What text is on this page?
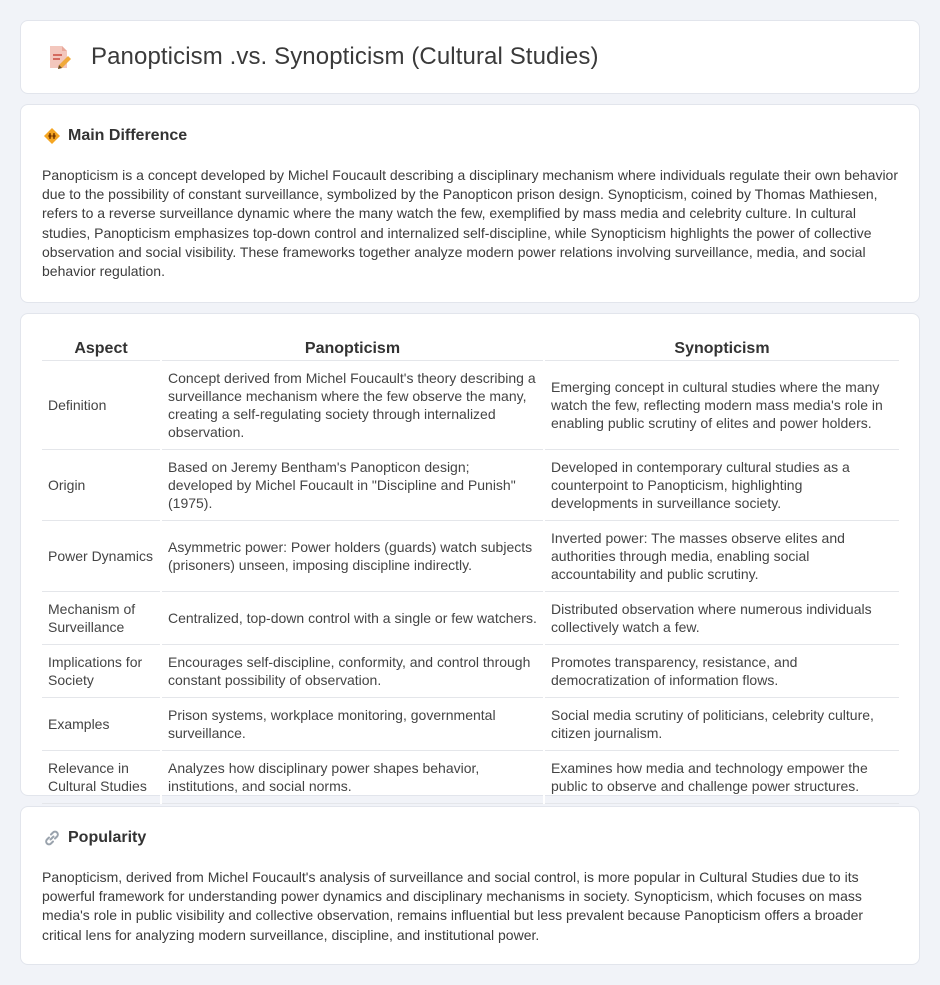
Panopticism .vs. Synopticism (Cultural Studies)
Main Difference

Panopticism is a concept developed by Michel Foucault describing a disciplinary mechanism where individuals regulate their own behavior due to the possibility of constant surveillance, symbolized by the Panopticon prison design. Synopticism, coined by Thomas Mathiesen, refers to a reverse surveillance dynamic where the many watch the few, exemplified by mass media and celebrity culture. In cultural studies, Panopticism emphasizes top-down control and internalized self-discipline, while Synopticism highlights the power of collective observation and social visibility. These frameworks together analyze modern power relations involving surveillance, media, and social behavior regulation.

Aspect	Panopticism	Synopticism
Definition	Concept derived from Michel Foucault's theory describing a surveillance mechanism where the few observe the many, creating a self-regulating society through internalized observation.	Emerging concept in cultural studies where the many watch the few, reflecting modern mass media's role in enabling public scrutiny of elites and power holders.
Origin	Based on Jeremy Bentham's Panopticon design; developed by Michel Foucault in "Discipline and Punish" (1975).	Developed in contemporary cultural studies as a counterpoint to Panopticism, highlighting developments in surveillance society.
Power Dynamics	Asymmetric power: Power holders (guards) watch subjects (prisoners) unseen, imposing discipline indirectly.	Inverted power: The masses observe elites and authorities through media, enabling social accountability and public scrutiny.
Mechanism of Surveillance	Centralized, top-down control with a single or few watchers.	Distributed observation where numerous individuals collectively watch a few.
Implications for Society	Encourages self-discipline, conformity, and control through constant possibility of observation.	Promotes transparency, resistance, and democratization of information flows.
Examples	Prison systems, workplace monitoring, governmental surveillance.	Social media scrutiny of politicians, celebrity culture, citizen journalism.
Relevance in Cultural Studies	Analyzes how disciplinary power shapes behavior, institutions, and social norms.	Examines how media and technology empower the public to observe and challenge power structures.
Popularity

Panopticism, derived from Michel Foucault's analysis of surveillance and social control, is more popular in Cultural Studies due to its powerful framework for understanding power dynamics and disciplinary mechanisms in society. Synopticism, which focuses on mass media's role in public visibility and collective observation, remains influential but less prevalent because Panopticism offers a broader critical lens for analyzing modern surveillance, discipline, and institutional power.
